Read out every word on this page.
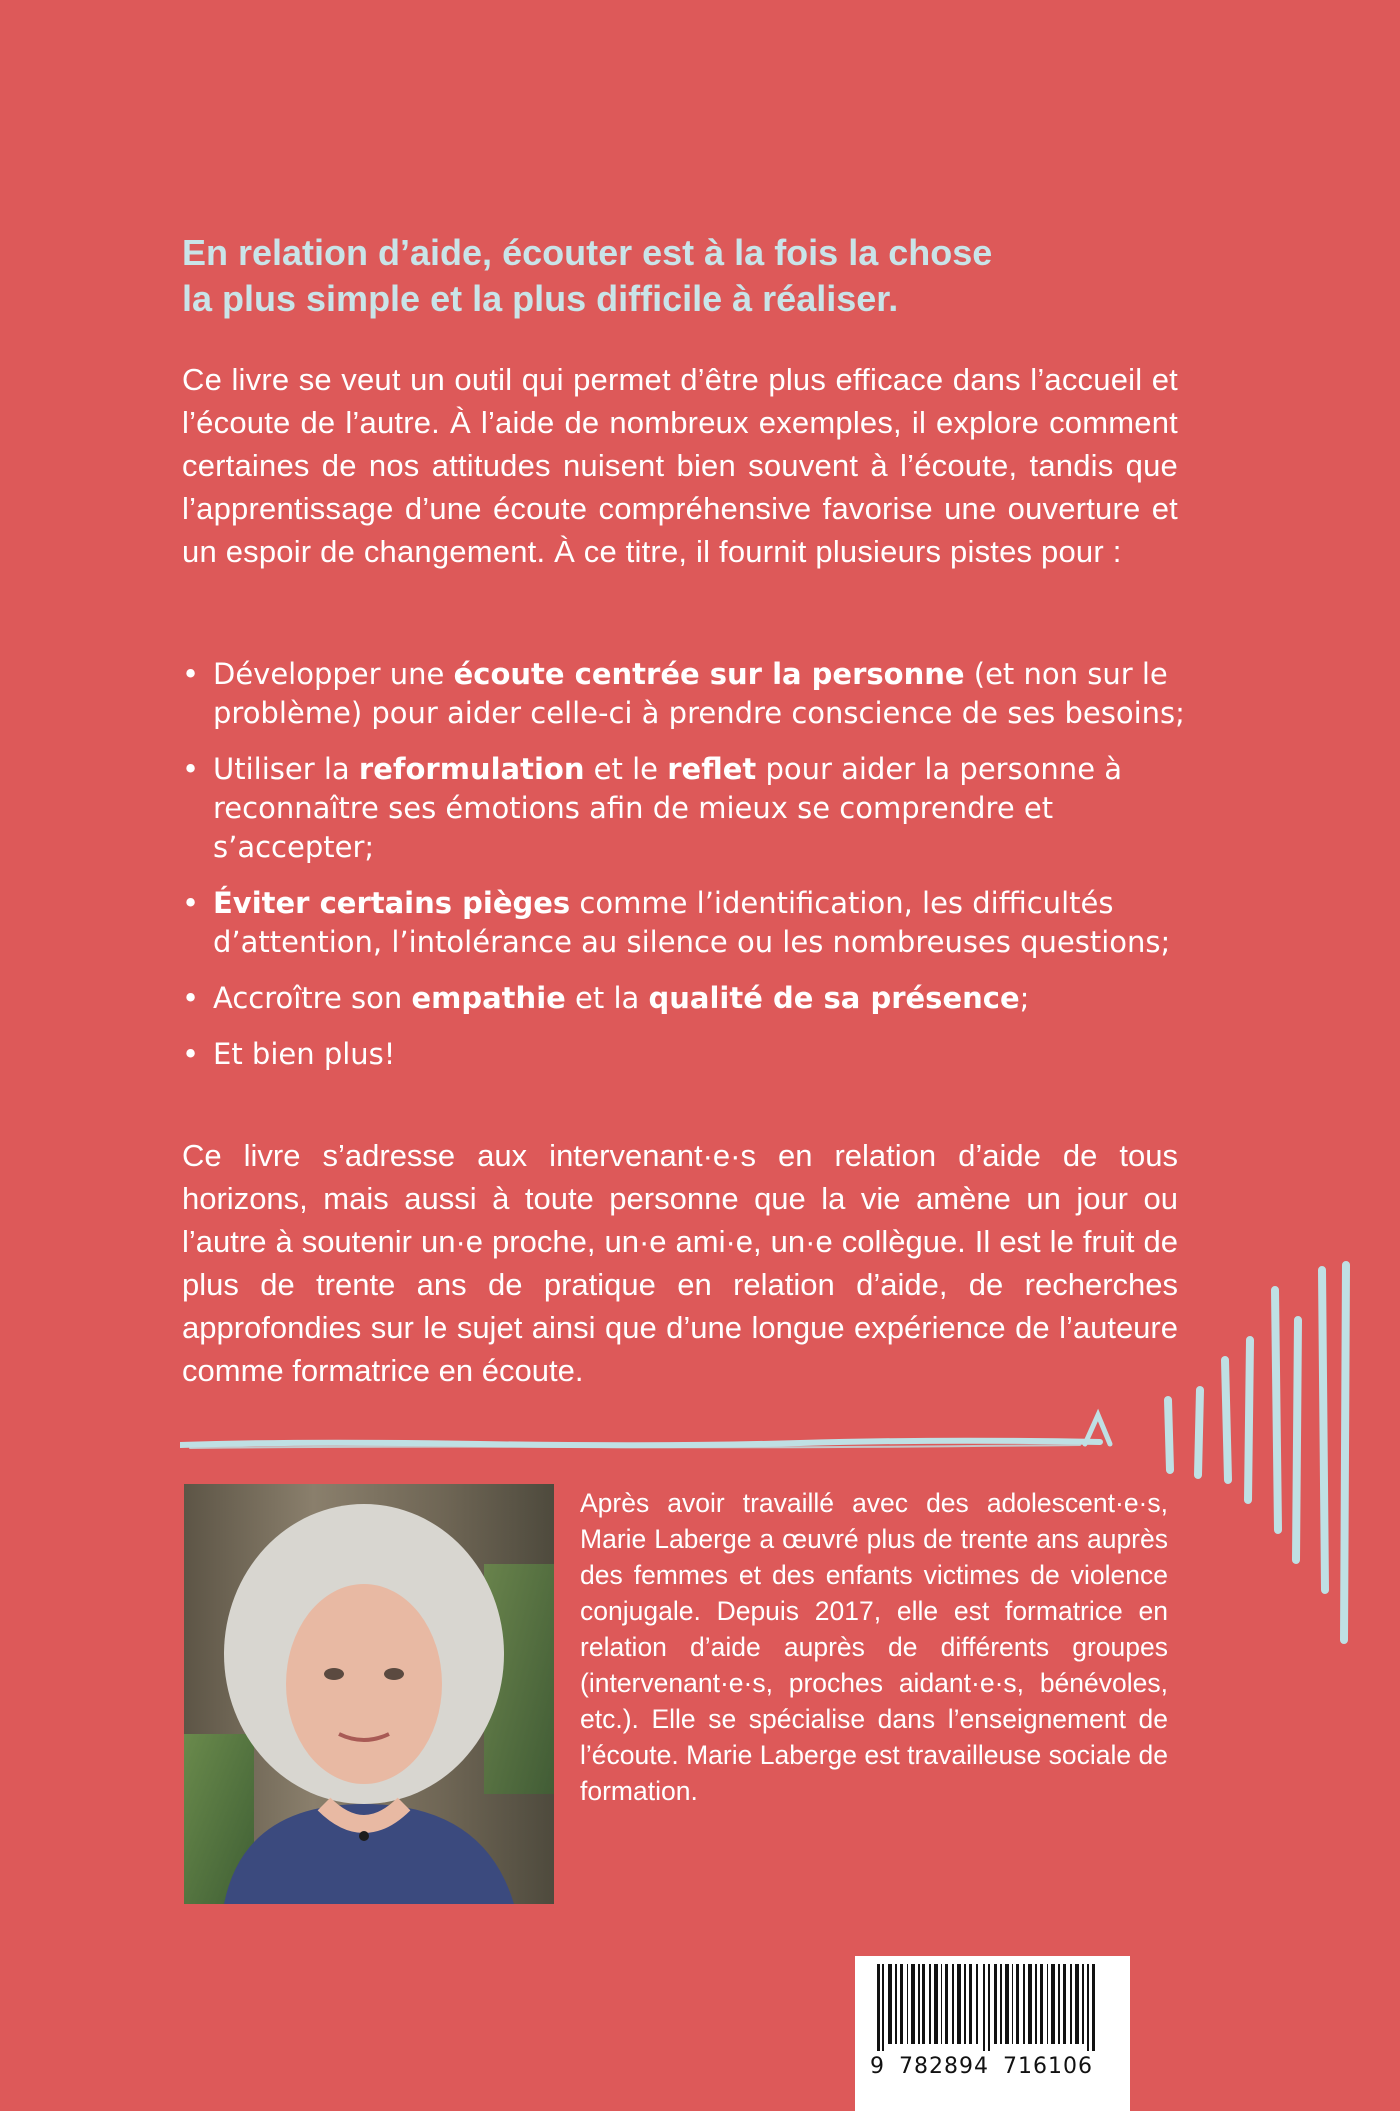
En relation d’aide, écouter est à la fois la chose
la plus simple et la plus difficile à réaliser.

Ce livre se veut un outil qui permet d’être plus efficace dans l’accueil et l’écoute de l’autre. À l’aide de nombreux exemples, il explore comment certaines de nos attitudes nuisent bien souvent à l’écoute, tandis que l’apprentissage d’une écoute compréhensive favorise une ouverture et un espoir de changement. À ce titre, il fournit plusieurs pistes pour :

• Développer une écoute centrée sur la personne (et non sur le problème) pour aider celle-ci à prendre conscience de ses besoins;
• Utiliser la reformulation et le reflet pour aider la personne à reconnaître ses émotions afin de mieux se comprendre et s’accepter;
• Éviter certains pièges comme l’identification, les difficultés d’attention, l’intolérance au silence ou les nombreuses questions;
• Accroître son empathie et la qualité de sa présence;
• Et bien plus!

Ce livre s’adresse aux intervenant·e·s en relation d’aide de tous horizons, mais aussi à toute personne que la vie amène un jour ou l’autre à soutenir un·e proche, un·e ami·e, un·e collègue. Il est le fruit de plus de trente ans de pratique en relation d’aide, de recherches approfondies sur le sujet ainsi que d’une longue expérience de l’auteure comme formatrice en écoute.

Après avoir travaillé avec des adolescent·e·s, Marie Laberge a œuvré plus de trente ans auprès des femmes et des enfants victimes de violence conjugale. Depuis 2017, elle est formatrice en relation d’aide auprès de différents groupes (intervenant·e·s, proches aidant·e·s, bénévoles, etc.). Elle se spécialise dans l’enseignement de l’écoute. Marie Laberge est travailleuse sociale de formation.

9 782894 716106
